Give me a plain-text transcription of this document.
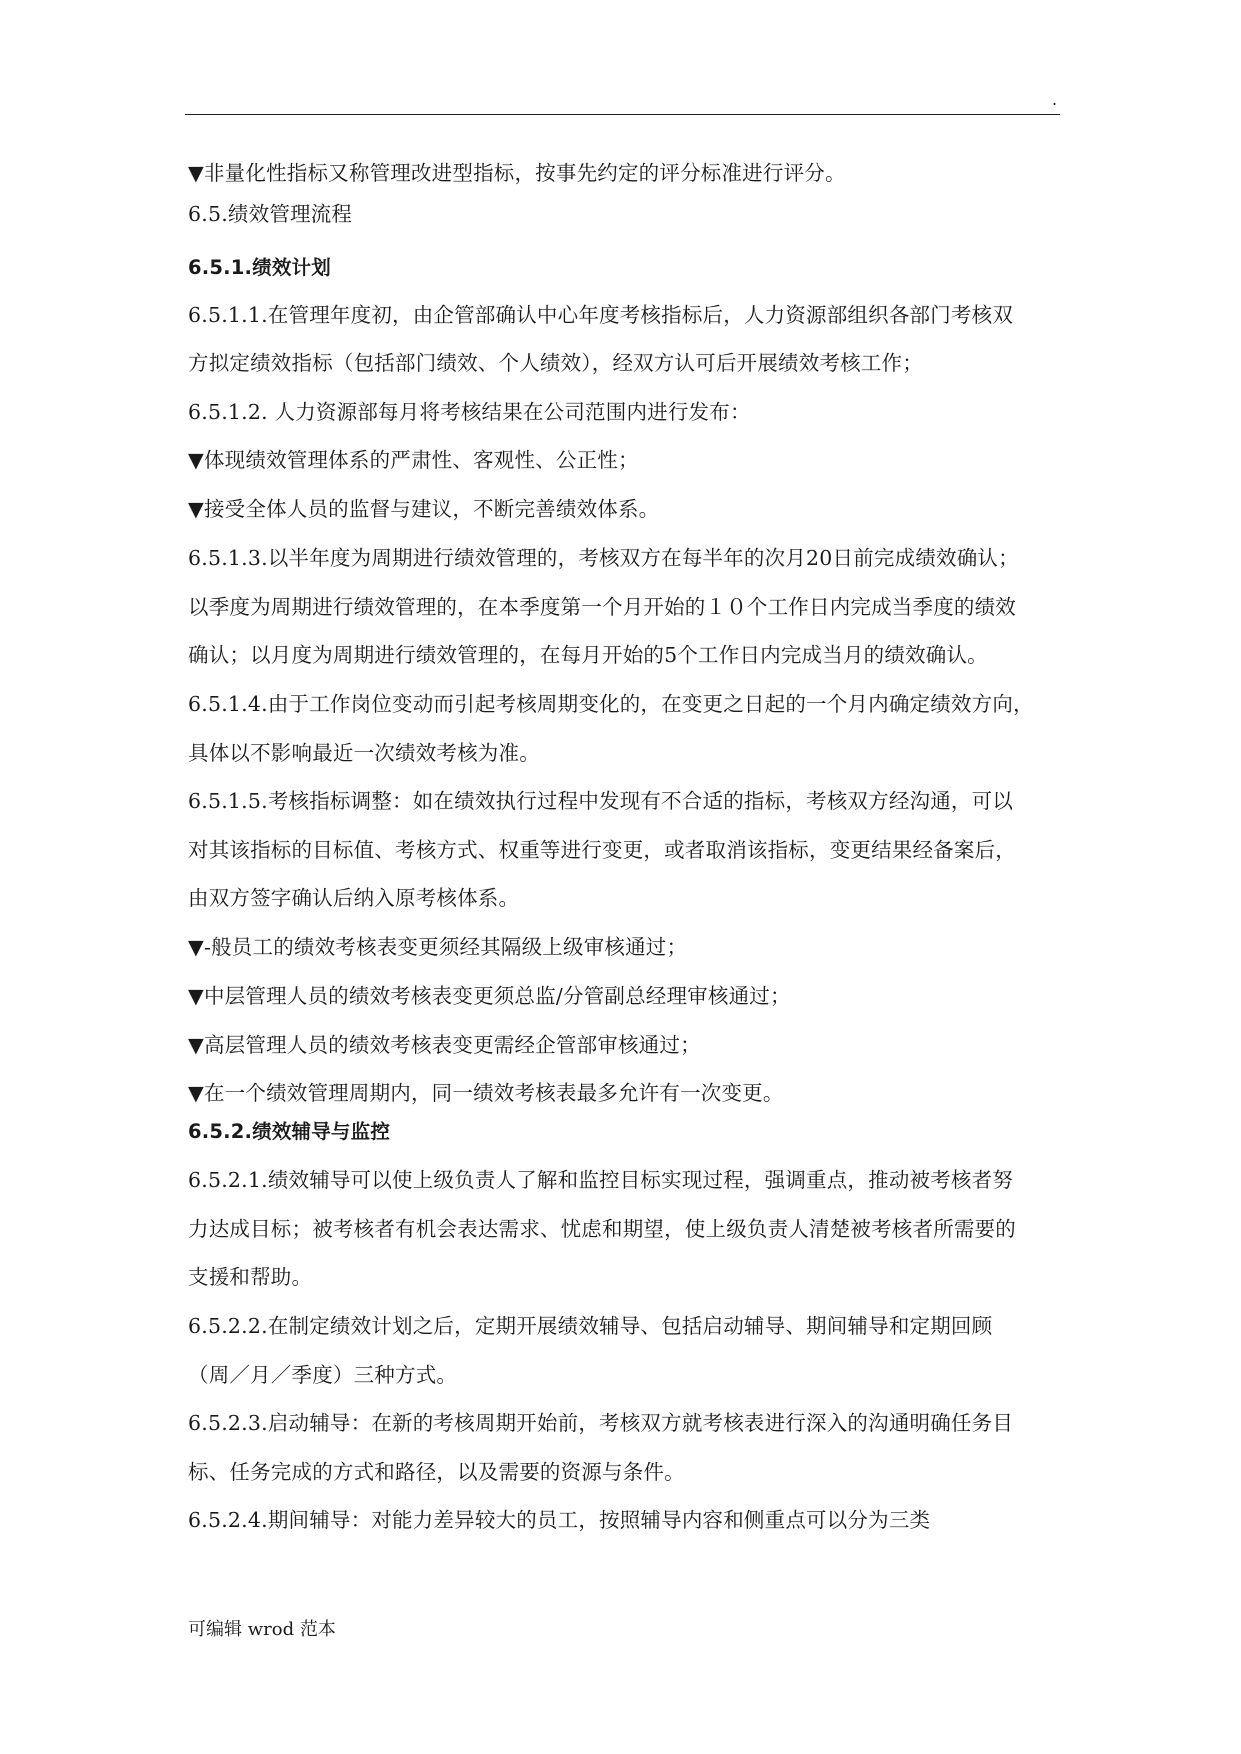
.
▼非量化性指标又称管理改进型指标，按事先约定的评分标准进行评分。
6.5.绩效管理流程
6.5.1.绩效计划
6.5.1.1.在管理年度初，由企管部确认中心年度考核指标后，人力资源部组织各部门考核双
方拟定绩效指标（包括部门绩效、个人绩效），经双方认可后开展绩效考核工作；
6.5.1.2. 人力资源部每月将考核结果在公司范围内进行发布：
▼体现绩效管理体系的严肃性、客观性、公正性；
▼接受全体人员的监督与建议，不断完善绩效体系。
6.5.1.3.以半年度为周期进行绩效管理的，考核双方在每半年的次月20日前完成绩效确认；
以季度为周期进行绩效管理的，在本季度第一个月开始的１０个工作日内完成当季度的绩效
确认；以月度为周期进行绩效管理的，在每月开始的5个工作日内完成当月的绩效确认。
6.5.1.4.由于工作岗位变动而引起考核周期变化的，在变更之日起的一个月内确定绩效方向，
具体以不影响最近一次绩效考核为准。
6.5.1.5.考核指标调整：如在绩效执行过程中发现有不合适的指标，考核双方经沟通，可以
对其该指标的目标值、考核方式、权重等进行变更，或者取消该指标，变更结果经备案后，
由双方签字确认后纳入原考核体系。
▼-般员工的绩效考核表变更须经其隔级上级审核通过；
▼中层管理人员的绩效考核表变更须总监/分管副总经理审核通过；
▼高层管理人员的绩效考核表变更需经企管部审核通过；
▼在一个绩效管理周期内，同一绩效考核表最多允许有一次变更。
6.5.2.绩效辅导与监控
6.5.2.1.绩效辅导可以使上级负责人了解和监控目标实现过程，强调重点，推动被考核者努
力达成目标；被考核者有机会表达需求、忧虑和期望，使上级负责人清楚被考核者所需要的
支援和帮助。
6.5.2.2.在制定绩效计划之后，定期开展绩效辅导、包括启动辅导、期间辅导和定期回顾
（周／月／季度）三种方式。
6.5.2.3.启动辅导：在新的考核周期开始前，考核双方就考核表进行深入的沟通明确任务目
标、任务完成的方式和路径，以及需要的资源与条件。
6.5.2.4.期间辅导：对能力差异较大的员工，按照辅导内容和侧重点可以分为三类
可编辑 wrod 范本
